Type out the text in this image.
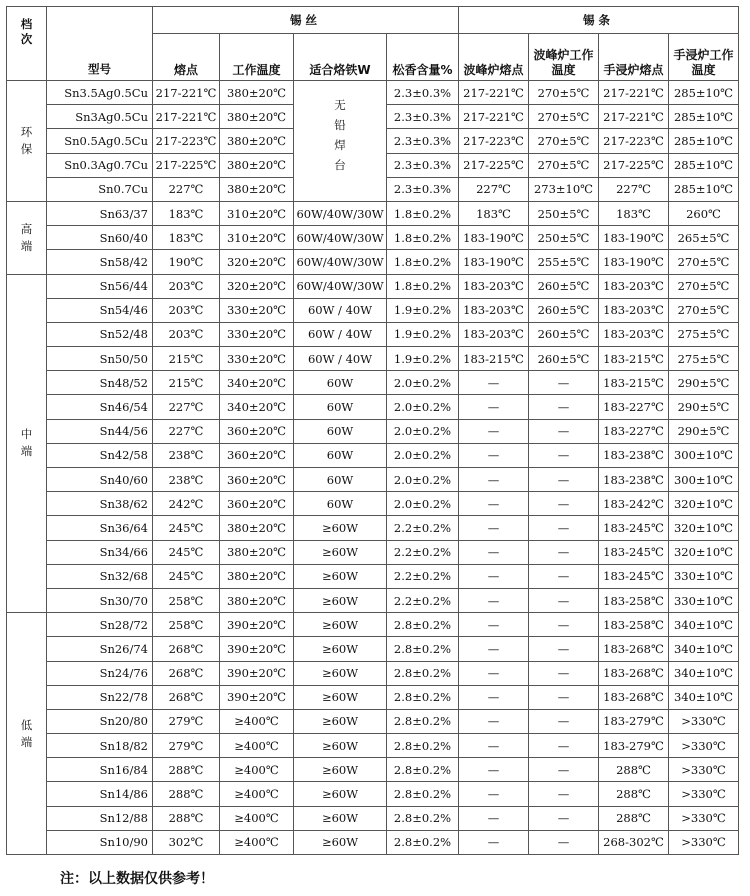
档次	型号	锡丝				锡条			
		熔点	工作温度	适合烙铁W	松香含量%	波峰炉熔点	波峰炉工作温度	手浸炉熔点	手浸炉工作温度
环保	Sn3.5Ag0.5Cu	217-221℃	380±20℃	无铅焊台	2.3±0.3%	217-221℃	270±5℃	217-221℃	285±10℃
	Sn3Ag0.5Cu	217-221℃	380±20℃		2.3±0.3%	217-221℃	270±5℃	217-221℃	285±10℃
	Sn0.5Ag0.5Cu	217-223℃	380±20℃		2.3±0.3%	217-223℃	270±5℃	217-223℃	285±10℃
	Sn0.3Ag0.7Cu	217-225℃	380±20℃		2.3±0.3%	217-225℃	270±5℃	217-225℃	285±10℃
	Sn0.7Cu	227℃	380±20℃		2.3±0.3%	227℃	273±10℃	227℃	285±10℃
高端	Sn63/37	183℃	310±20℃	60W/40W/30W	1.8±0.2%	183℃	250±5℃	183℃	260℃
	Sn60/40	183℃	310±20℃	60W/40W/30W	1.8±0.2%	183-190℃	250±5℃	183-190℃	265±5℃
	Sn58/42	190℃	320±20℃	60W/40W/30W	1.8±0.2%	183-190℃	255±5℃	183-190℃	270±5℃
中端	Sn56/44	203℃	320±20℃	60W/40W/30W	1.8±0.2%	183-203℃	260±5℃	183-203℃	270±5℃
	Sn54/46	203℃	330±20℃	60W / 40W	1.9±0.2%	183-203℃	260±5℃	183-203℃	270±5℃
	Sn52/48	203℃	330±20℃	60W / 40W	1.9±0.2%	183-203℃	260±5℃	183-203℃	275±5℃
	Sn50/50	215℃	330±20℃	60W / 40W	1.9±0.2%	183-215℃	260±5℃	183-215℃	275±5℃
	Sn48/52	215℃	340±20℃	60W	2.0±0.2%	—	—	183-215℃	290±5℃
	Sn46/54	227℃	340±20℃	60W	2.0±0.2%	—	—	183-227℃	290±5℃
	Sn44/56	227℃	360±20℃	60W	2.0±0.2%	—	—	183-227℃	290±5℃
	Sn42/58	238℃	360±20℃	60W	2.0±0.2%	—	—	183-238℃	300±10℃
	Sn40/60	238℃	360±20℃	60W	2.0±0.2%	—	—	183-238℃	300±10℃
	Sn38/62	242℃	360±20℃	60W	2.0±0.2%	—	—	183-242℃	320±10℃
	Sn36/64	245℃	380±20℃	≥60W	2.2±0.2%	—	—	183-245℃	320±10℃
	Sn34/66	245℃	380±20℃	≥60W	2.2±0.2%	—	—	183-245℃	320±10℃
	Sn32/68	245℃	380±20℃	≥60W	2.2±0.2%	—	—	183-245℃	330±10℃
	Sn30/70	258℃	380±20℃	≥60W	2.2±0.2%	—	—	183-258℃	330±10℃
低端	Sn28/72	258℃	390±20℃	≥60W	2.8±0.2%	—	—	183-258℃	340±10℃
	Sn26/74	268℃	390±20℃	≥60W	2.8±0.2%	—	—	183-268℃	340±10℃
	Sn24/76	268℃	390±20℃	≥60W	2.8±0.2%	—	—	183-268℃	340±10℃
	Sn22/78	268℃	390±20℃	≥60W	2.8±0.2%	—	—	183-268℃	340±10℃
	Sn20/80	279℃	≥400℃	≥60W	2.8±0.2%	—	—	183-279℃	>330℃
	Sn18/82	279℃	≥400℃	≥60W	2.8±0.2%	—	—	183-279℃	>330℃
	Sn16/84	288℃	≥400℃	≥60W	2.8±0.2%	—	—	288℃	>330℃
	Sn14/86	288℃	≥400℃	≥60W	2.8±0.2%	—	—	288℃	>330℃
	Sn12/88	288℃	≥400℃	≥60W	2.8±0.2%	—	—	288℃	>330℃
	Sn10/90	302℃	≥400℃	≥60W	2.8±0.2%	—	—	268-302℃	>330℃
注：以上数据仅供参考！
